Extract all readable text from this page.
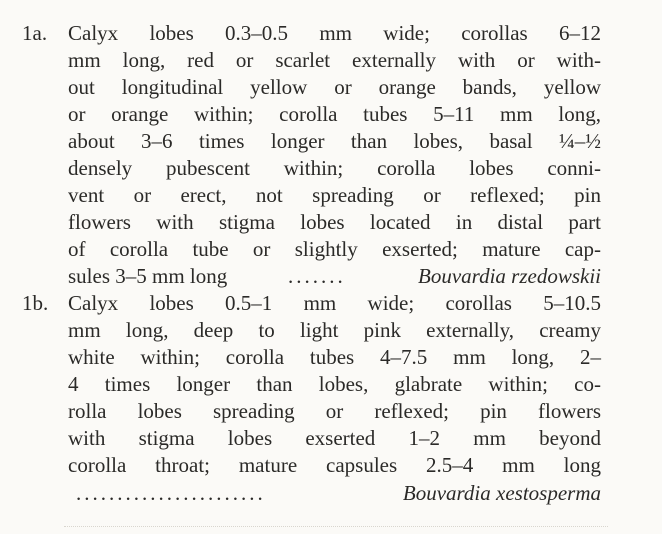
1a. Calyx lobes 0.3–0.5 mm wide; corollas 6–12
mm long, red or scarlet externally with or with-
out longitudinal yellow or orange bands, yellow
or orange within; corolla tubes 5–11 mm long,
about 3–6 times longer than lobes, basal ¼–½
densely pubescent within; corolla lobes conni-
vent or erect, not spreading or reflexed; pin
flowers with stigma lobes located in distal part
of corolla tube or slightly exserted; mature cap-
sules 3–5 mm long	.......	Bouvardia rzedowskii
1b. Calyx lobes 0.5–1 mm wide; corollas 5–10.5
mm long, deep to light pink externally, creamy
white within; corolla tubes 4–7.5 mm long, 2–
4 times longer than lobes, glabrate within; co-
rolla lobes spreading or reflexed; pin flowers
with stigma lobes exserted 1–2 mm beyond
corolla throat; mature capsules 2.5–4 mm long
.......................	Bouvardia xestosperma
